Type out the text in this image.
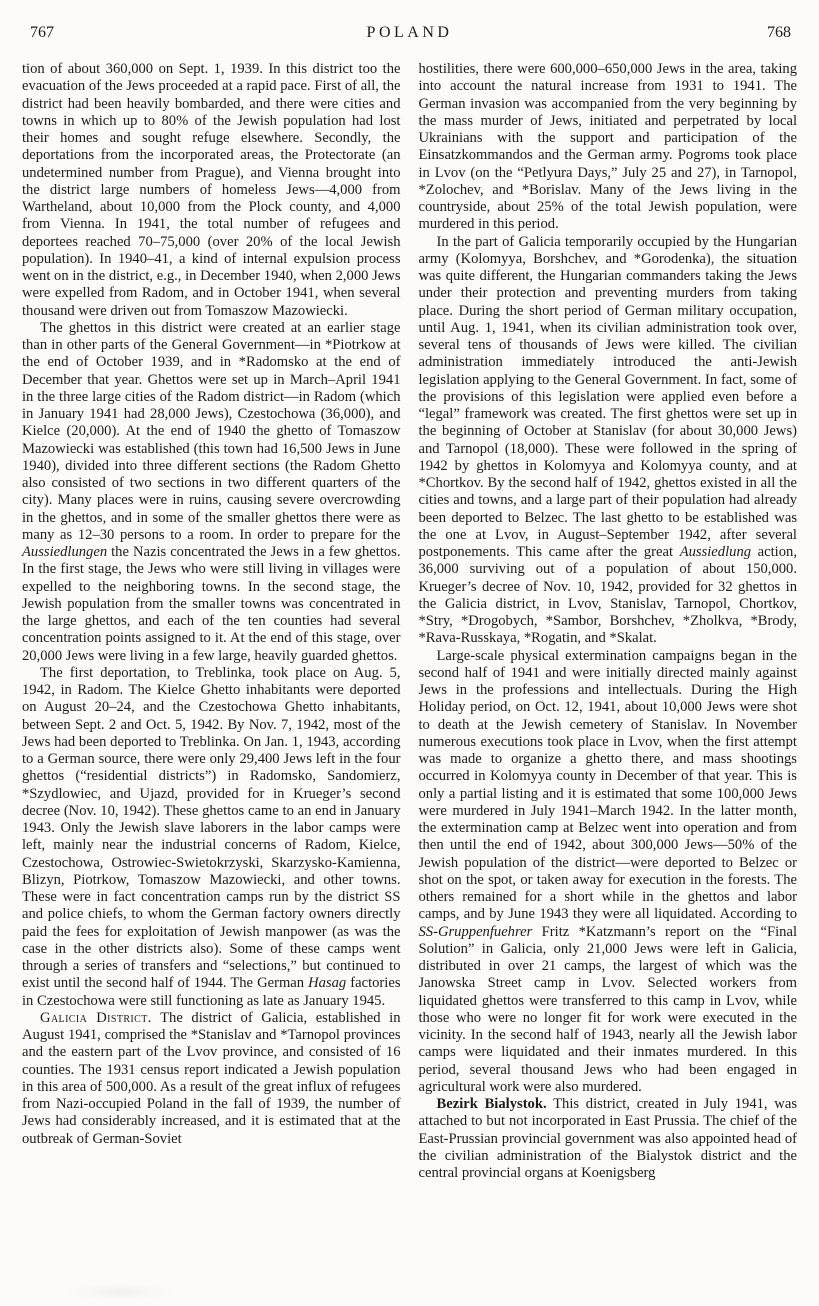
767	POLAND	768

tion of about 360,000 on Sept. 1, 1939. In this district too the evacuation of the Jews proceeded at a rapid pace. First of all, the district had been heavily bombarded, and there were cities and towns in which up to 80% of the Jewish population had lost their homes and sought refuge elsewhere. Secondly, the deportations from the incorporated areas, the Protectorate (an undetermined number from Prague), and Vienna brought into the district large numbers of homeless Jews—4,000 from Wartheland, about 10,000 from the Plock county, and 4,000 from Vienna. In 1941, the total number of refugees and deportees reached 70–75,000 (over 20% of the local Jewish population). In 1940–41, a kind of internal expulsion process went on in the district, e.g., in December 1940, when 2,000 Jews were expelled from Radom, and in October 1941, when several thousand were driven out from Tomaszow Mazowiecki.

The ghettos in this district were created at an earlier stage than in other parts of the General Government—in *Piotrkow at the end of October 1939, and in *Radomsko at the end of December that year. Ghettos were set up in March–April 1941 in the three large cities of the Radom district—in Radom (which in January 1941 had 28,000 Jews), Czestochowa (36,000), and Kielce (20,000). At the end of 1940 the ghetto of Tomaszow Mazowiecki was established (this town had 16,500 Jews in June 1940), divided into three different sections (the Radom Ghetto also consisted of two sections in two different quarters of the city). Many places were in ruins, causing severe overcrowding in the ghettos, and in some of the smaller ghettos there were as many as 12–30 persons to a room. In order to prepare for the Aussiedlungen the Nazis concentrated the Jews in a few ghettos. In the first stage, the Jews who were still living in villages were expelled to the neighboring towns. In the second stage, the Jewish population from the smaller towns was concentrated in the large ghettos, and each of the ten counties had several concentration points assigned to it. At the end of this stage, over 20,000 Jews were living in a few large, heavily guarded ghettos.

The first deportation, to Treblinka, took place on Aug. 5, 1942, in Radom. The Kielce Ghetto inhabitants were deported on August 20–24, and the Czestochowa Ghetto inhabitants, between Sept. 2 and Oct. 5, 1942. By Nov. 7, 1942, most of the Jews had been deported to Treblinka. On Jan. 1, 1943, according to a German source, there were only 29,400 Jews left in the four ghettos (“residential districts”) in Radomsko, Sandomierz, *Szydlowiec, and Ujazd, provided for in Krueger’s second decree (Nov. 10, 1942). These ghettos came to an end in January 1943. Only the Jewish slave laborers in the labor camps were left, mainly near the industrial concerns of Radom, Kielce, Czestochowa, Ostrowiec-Swietokrzyski, Skarzysko-Kamienna, Blizyn, Piotrkow, Tomaszow Mazowiecki, and other towns. These were in fact concentration camps run by the district SS and police chiefs, to whom the German factory owners directly paid the fees for exploitation of Jewish manpower (as was the case in the other districts also). Some of these camps went through a series of transfers and “selections,” but continued to exist until the second half of 1944. The German Hasag factories in Czestochowa were still functioning as late as January 1945.

Galicia District. The district of Galicia, established in August 1941, comprised the *Stanislav and *Tarnopol provinces and the eastern part of the Lvov province, and consisted of 16 counties. The 1931 census report indicated a Jewish population in this area of 500,000. As a result of the great influx of refugees from Nazi-occupied Poland in the fall of 1939, the number of Jews had considerably increased, and it is estimated that at the outbreak of German-Soviet

hostilities, there were 600,000–650,000 Jews in the area, taking into account the natural increase from 1931 to 1941. The German invasion was accompanied from the very beginning by the mass murder of Jews, initiated and perpetrated by local Ukrainians with the support and participation of the Einsatzkommandos and the German army. Pogroms took place in Lvov (on the “Petlyura Days,” July 25 and 27), in Tarnopol, *Zolochev, and *Borislav. Many of the Jews living in the countryside, about 25% of the total Jewish population, were murdered in this period.

In the part of Galicia temporarily occupied by the Hungarian army (Kolomyya, Borshchev, and *Gorodenka), the situation was quite different, the Hungarian commanders taking the Jews under their protection and preventing murders from taking place. During the short period of German military occupation, until Aug. 1, 1941, when its civilian administration took over, several tens of thousands of Jews were killed. The civilian administration immediately introduced the anti-Jewish legislation applying to the General Government. In fact, some of the provisions of this legislation were applied even before a “legal” framework was created. The first ghettos were set up in the beginning of October at Stanislav (for about 30,000 Jews) and Tarnopol (18,000). These were followed in the spring of 1942 by ghettos in Kolomyya and Kolomyya county, and at *Chortkov. By the second half of 1942, ghettos existed in all the cities and towns, and a large part of their population had already been deported to Belzec. The last ghetto to be established was the one at Lvov, in August–September 1942, after several postponements. This came after the great Aussiedlung action, 36,000 surviving out of a population of about 150,000. Krueger’s decree of Nov. 10, 1942, provided for 32 ghettos in the Galicia district, in Lvov, Stanislav, Tarnopol, Chortkov, *Stry, *Drogobych, *Sambor, Borshchev, *Zholkva, *Brody, *Rava-Russkaya, *Rogatin, and *Skalat.

Large-scale physical extermination campaigns began in the second half of 1941 and were initially directed mainly against Jews in the professions and intellectuals. During the High Holiday period, on Oct. 12, 1941, about 10,000 Jews were shot to death at the Jewish cemetery of Stanislav. In November numerous executions took place in Lvov, when the first attempt was made to organize a ghetto there, and mass shootings occurred in Kolomyya county in December of that year. This is only a partial listing and it is estimated that some 100,000 Jews were murdered in July 1941–March 1942. In the latter month, the extermination camp at Belzec went into operation and from then until the end of 1942, about 300,000 Jews—50% of the Jewish population of the district—were deported to Belzec or shot on the spot, or taken away for execution in the forests. The others remained for a short while in the ghettos and labor camps, and by June 1943 they were all liquidated. According to SS-Gruppenfuehrer Fritz *Katzmann’s report on the “Final Solution” in Galicia, only 21,000 Jews were left in Galicia, distributed in over 21 camps, the largest of which was the Janowska Street camp in Lvov. Selected workers from liquidated ghettos were transferred to this camp in Lvov, while those who were no longer fit for work were executed in the vicinity. In the second half of 1943, nearly all the Jewish labor camps were liquidated and their inmates murdered. In this period, several thousand Jews who had been engaged in agricultural work were also murdered.

Bezirk Bialystok. This district, created in July 1941, was attached to but not incorporated in East Prussia. The chief of the East-Prussian provincial government was also appointed head of the civilian administration of the Bialystok district and the central provincial organs at Koenigsberg
